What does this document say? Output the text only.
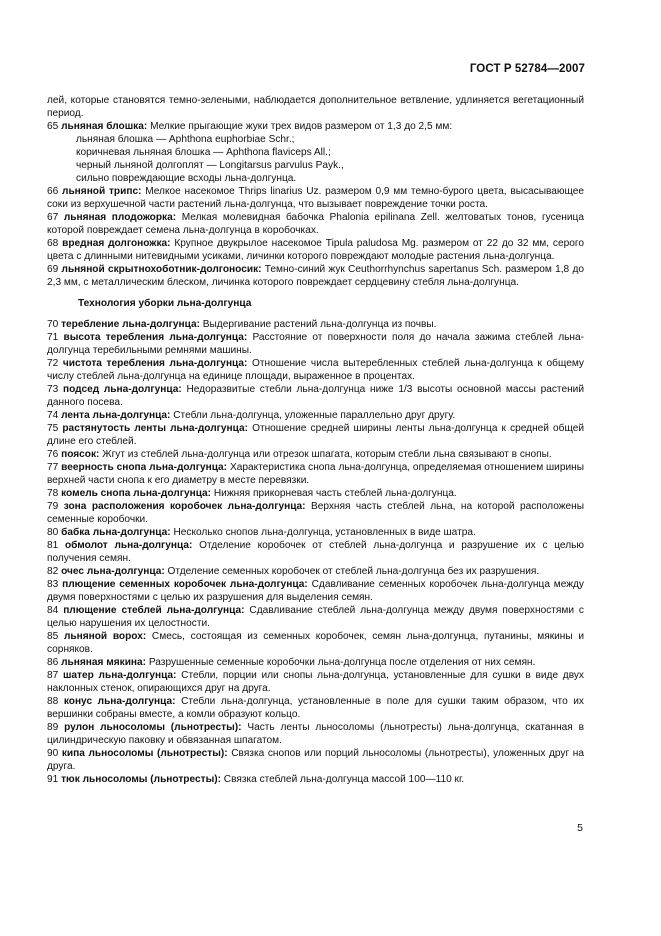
ГОСТ Р 52784—2007

лей, которые становятся темно-зелеными, наблюдается дополнительное ветвление, удлиняется вегетационный период.

65 льняная блошка: Мелкие прыгающие жуки трех видов размером от 1,3 до 2,5 мм:
льняная блошка — Aphthona euphorbiae Schr.;
коричневая льняная блошка — Aphthona flaviceps All.;
черный льняной долгоплят — Longitarsus parvulus Payk.,
сильно повреждающие всходы льна-долгунца.
66 льняной трипс: Мелкое насекомое Thrips linarius Uz. размером 0,9 мм темно-бурого цвета, высасывающее соки из верхушечной части растений льна-долгунца, что вызывает повреждение точки роста.
67 льняная плодожорка: Мелкая молевидная бабочка Phalonia epilinana Zell. желтоватых тонов, гусеница которой повреждает семена льна-долгунца в коробочках.
68 вредная долгоножка: Крупное двукрылое насекомое Tipula paludosa Mg. размером от 22 до 32 мм, серого цвета с длинными нитевидными усиками, личинки которого повреждают молодые растения льна-долгунца.
69 льняной скрытнохоботник-долгоносик: Темно-синий жук Ceuthorrhynchus sapertanus Sch. размером 1,8 до 2,3 мм, с металлическим блеском, личинка которого повреждает сердцевину стебля льна-долгунца.
Технология уборки льна-долгунца
70 теребление льна-долгунца: Выдергивание растений льна-долгунца из почвы.
71 высота теребления льна-долгунца: Расстояние от поверхности поля до начала зажима стеблей льна-долгунца теребильными ремнями машины.
72 чистота теребления льна-долгунца: Отношение числа вытеребленных стеблей льна-долгунца к общему числу стеблей льна-долгунца на единице площади, выраженное в процентах.
73 подсед льна-долгунца: Недоразвитые стебли льна-долгунца ниже 1/3 высоты основной массы растений данного посева.
74 лента льна-долгунца: Стебли льна-долгунца, уложенные параллельно друг другу.
75 растянутость ленты льна-долгунца: Отношение средней ширины ленты льна-долгунца к средней общей длине его стеблей.
76 поясок: Жгут из стеблей льна-долгунца или отрезок шпагата, которым стебли льна связывают в снопы.
77 веерность снопа льна-долгунца: Характеристика снопа льна-долгунца, определяемая отношением ширины верхней части снопа к его диаметру в месте перевязки.
78 комель снопа льна-долгунца: Нижняя прикорневая часть стеблей льна-долгунца.
79 зона расположения коробочек льна-долгунца: Верхняя часть стеблей льна, на которой расположены семенные коробочки.
80 бабка льна-долгунца: Несколько снопов льна-долгунца, установленных в виде шатра.
81 обмолот льна-долгунца: Отделение коробочек от стеблей льна-долгунца и разрушение их с целью получения семян.
82 очес льна-долгунца: Отделение семенных коробочек от стеблей льна-долгунца без их разрушения.
83 плющение семенных коробочек льна-долгунца: Сдавливание семенных коробочек льна-долгунца между двумя поверхностями с целью их разрушения для выделения семян.
84 плющение стеблей льна-долгунца: Сдавливание стеблей льна-долгунца между двумя поверхностями с целью нарушения их целостности.
85 льняной ворох: Смесь, состоящая из семенных коробочек, семян льна-долгунца, путанины, мякины и сорняков.
86 льняная мякина: Разрушенные семенные коробочки льна-долгунца после отделения от них семян.
87 шатер льна-долгунца: Стебли, порции или снопы льна-долгунца, установленные для сушки в виде двух наклонных стенок, опирающихся друг на друга.
88 конус льна-долгунца: Стебли льна-долгунца, установленные в поле для сушки таким образом, что их вершинки собраны вместе, а комли образуют кольцо.
89 рулон льносоломы (льнотресты): Часть ленты льносоломы (льнотресты) льна-долгунца, скатанная в цилиндрическую паковку и обвязанная шпагатом.
90 кипа льносоломы (льнотресты): Связка снопов или порций льносоломы (льнотресты), уложенных друг на друга.
91 тюк льносоломы (льнотресты): Связка стеблей льна-долгунца массой 100—110 кг.
5
